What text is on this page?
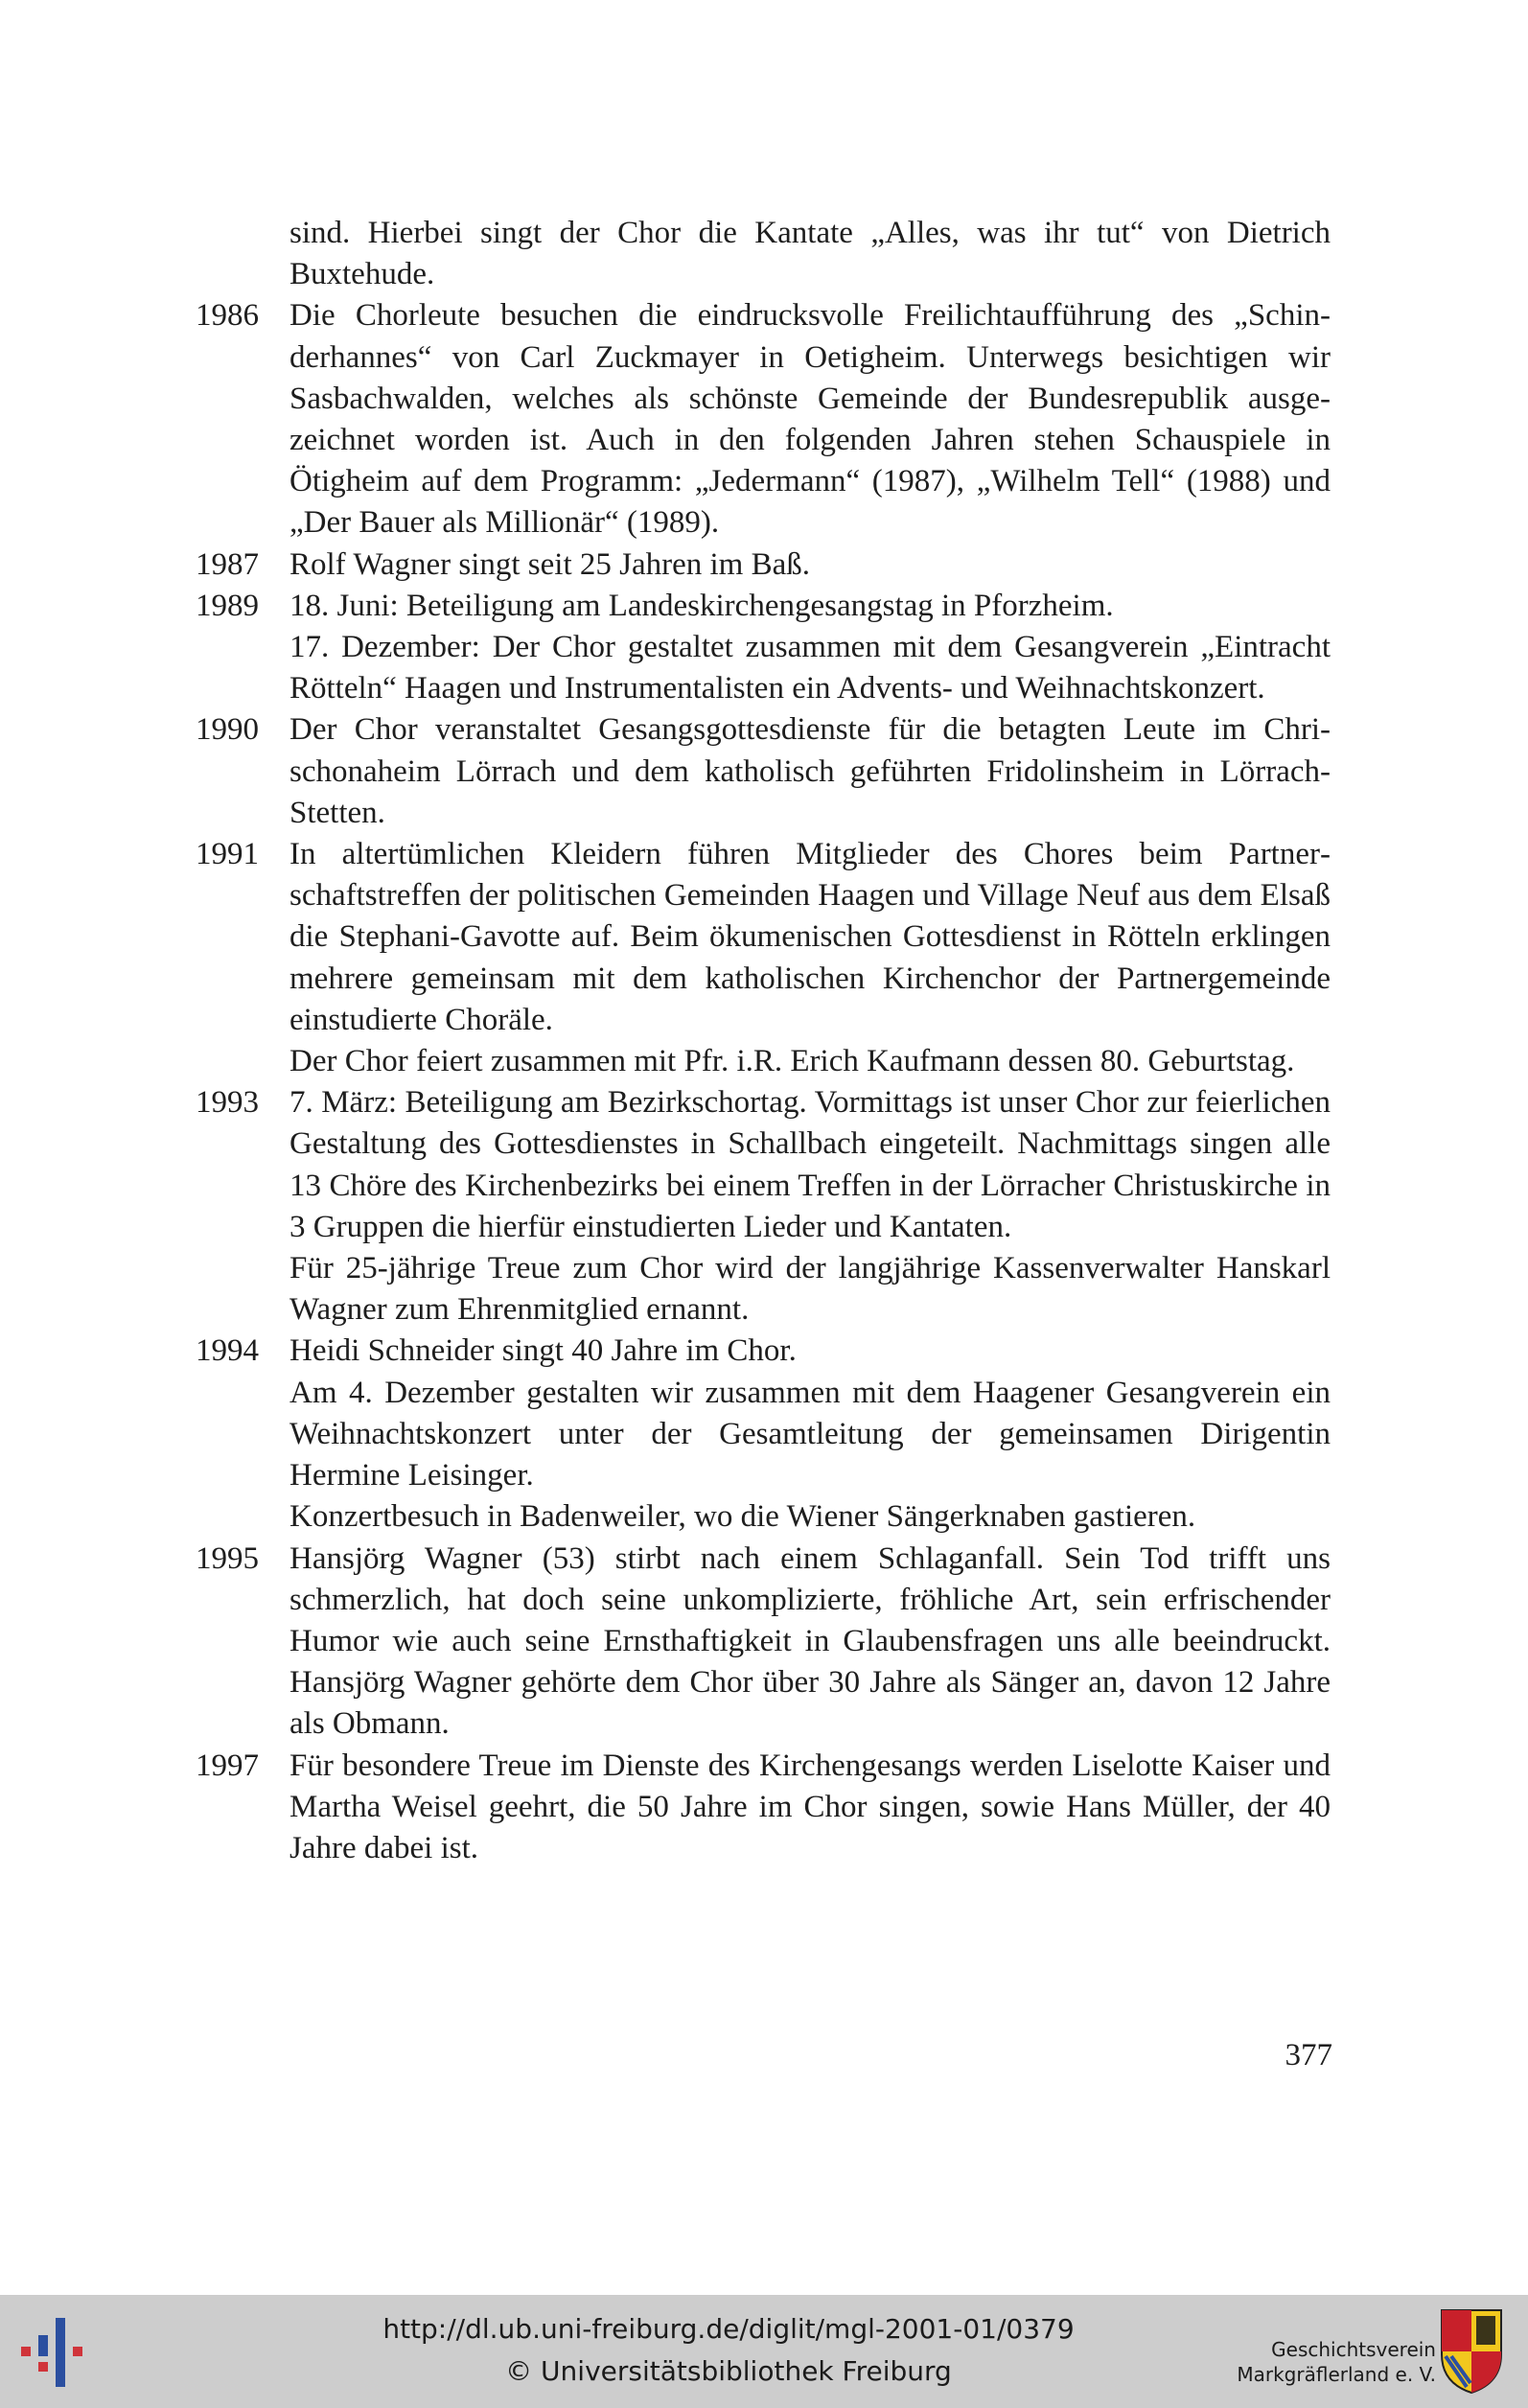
sind. Hierbei singt der Chor die Kantate „Alles, was ihr tut“ von Dietrich Buxtehude.
1986 Die Chorleute besuchen die eindrucksvolle Freilichtaufführung des „Schinderhannes“ von Carl Zuckmayer in Oetigheim. Unterwegs besichtigen wir Sasbachwalden, welches als schönste Gemeinde der Bundesrepublik ausgezeichnet worden ist. Auch in den folgenden Jahren stehen Schauspiele in Ötigheim auf dem Programm: „Jedermann“ (1987), „Wilhelm Tell“ (1988) und „Der Bauer als Millionär“ (1989).
1987 Rolf Wagner singt seit 25 Jahren im Baß.
1989 18. Juni: Beteiligung am Landeskirchengesangstag in Pforzheim.
17. Dezember: Der Chor gestaltet zusammen mit dem Gesangverein „Eintracht Rötteln“ Haagen und Instrumentalisten ein Advents- und Weihnachtskonzert.
1990 Der Chor veranstaltet Gesangsgottesdienste für die betagten Leute im Chrischonaheim Lörrach und dem katholisch geführten Fridolinsheim in Lörrach-Stetten.
1991 In altertümlichen Kleidern führen Mitglieder des Chores beim Partnerschaftstreffen der politischen Gemeinden Haagen und Village Neuf aus dem Elsaß die Stephani-Gavotte auf. Beim ökumenischen Gottesdienst in Rötteln erklingen mehrere gemeinsam mit dem katholischen Kirchenchor der Partnergemeinde einstudierte Choräle.
Der Chor feiert zusammen mit Pfr. i.R. Erich Kaufmann dessen 80. Geburtstag.
1993 7. März: Beteiligung am Bezirkschortag. Vormittags ist unser Chor zur feierlichen Gestaltung des Gottesdienstes in Schallbach eingeteilt. Nachmittags singen alle 13 Chöre des Kirchenbezirks bei einem Treffen in der Lörracher Christuskirche in 3 Gruppen die hierfür einstudierten Lieder und Kantaten.
Für 25-jährige Treue zum Chor wird der langjährige Kassenverwalter Hanskarl Wagner zum Ehrenmitglied ernannt.
1994 Heidi Schneider singt 40 Jahre im Chor.
Am 4. Dezember gestalten wir zusammen mit dem Haagener Gesangverein ein Weihnachtskonzert unter der Gesamtleitung der gemeinsamen Dirigentin Hermine Leisinger.
Konzertbesuch in Badenweiler, wo die Wiener Sängerknaben gastieren.
1995 Hansjörg Wagner (53) stirbt nach einem Schlaganfall. Sein Tod trifft uns schmerzlich, hat doch seine unkomplizierte, fröhliche Art, sein erfrischender Humor wie auch seine Ernsthaftigkeit in Glaubensfragen uns alle beeindruckt. Hansjörg Wagner gehörte dem Chor über 30 Jahre als Sänger an, davon 12 Jahre als Obmann.
1997 Für besondere Treue im Dienste des Kirchengesangs werden Liselotte Kaiser und Martha Weisel geehrt, die 50 Jahre im Chor singen, sowie Hans Müller, der 40 Jahre dabei ist.
377
http://dl.ub.uni-freiburg.de/diglit/mgl-2001-01/0379
© Universitätsbibliothek Freiburg
Geschichtsverein
Markgräflerland e. V.
